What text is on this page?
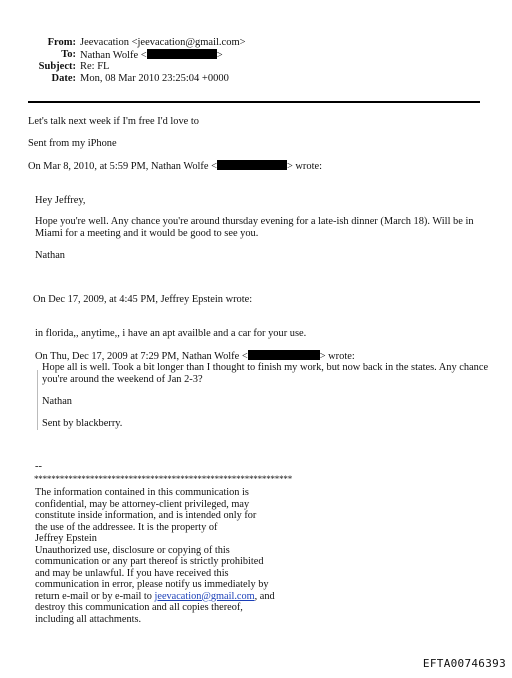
From: Jeevacation <jeevacation@gmail.com>
To: Nathan Wolfe <	>
Subject: Re: FL
Date: Mon, 08 Mar 2010 23:25:04 +0000
Let's talk next week if I'm free I'd love to
Sent from my iPhone
On Mar 8, 2010, at 5:59 PM, Nathan Wolfe <	> wrote:
Hey Jeffrey,
Hope you're well. Any chance you're around thursday evening for a late-ish dinner (March 18). Will be in
Miami for a meeting and it would be good to see you.
Nathan
On Dec 17, 2009, at 4:45 PM, Jeffrey Epstein wrote:
in florida,, anytime,, i have an apt availble and a car for your use.
On Thu, Dec 17, 2009 at 7:29 PM, Nathan Wolfe <	> wrote:
Hope all is well. Took a bit longer than I thought to finish my work, but now back in the states. Any chance
you're around the weekend of Jan 2-3?
Nathan
Sent by blackberry.
--
************************************************************
The information contained in this communication is
confidential, may be attorney-client privileged, may
constitute inside information, and is intended only for
the use of the addressee. It is the property of
Jeffrey Epstein
Unauthorized use, disclosure or copying of this
communication or any part thereof is strictly prohibited
and may be unlawful. If you have received this
communication in error, please notify us immediately by
return e-mail or by e-mail to jeevacation@gmail.com, and
destroy this communication and all copies thereof,
including all attachments.
EFTA00746393
